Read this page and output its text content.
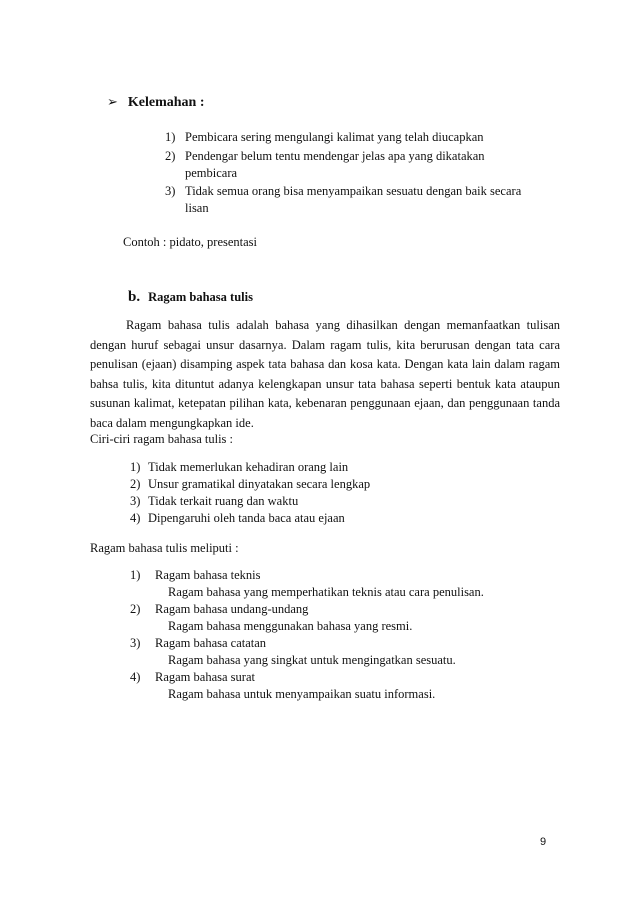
➢ Kelemahan :
1) Pembicara sering mengulangi kalimat yang telah diucapkan
2) Pendengar belum tentu mendengar jelas apa yang dikatakan
pembicara
3) Tidak semua orang bisa menyampaikan sesuatu dengan baik secara
lisan
Contoh : pidato, presentasi
b. Ragam bahasa tulis
Ragam bahasa tulis adalah bahasa yang dihasilkan dengan memanfaatkan tulisan dengan huruf sebagai unsur dasarnya. Dalam ragam tulis, kita berurusan dengan tata cara penulisan (ejaan) disamping aspek tata bahasa dan kosa kata. Dengan kata lain dalam ragam bahsa tulis, kita dituntut adanya kelengkapan unsur tata bahasa seperti bentuk kata ataupun susunan kalimat, ketepatan pilihan kata, kebenaran penggunaan ejaan, dan penggunaan tanda baca dalam mengungkapkan ide.
Ciri-ciri ragam bahasa tulis :
1) Tidak memerlukan kehadiran orang lain
2) Unsur gramatikal dinyatakan secara lengkap
3) Tidak terkait ruang dan waktu
4) Dipengaruhi oleh tanda baca atau ejaan
Ragam bahasa tulis meliputi :
1) Ragam bahasa teknis
Ragam bahasa yang memperhatikan teknis atau cara penulisan.
2) Ragam bahasa undang-undang
Ragam bahasa menggunakan bahasa yang resmi.
3) Ragam bahasa catatan
Ragam bahasa yang singkat untuk mengingatkan sesuatu.
4) Ragam bahasa surat
Ragam bahasa untuk menyampaikan suatu informasi.
9
